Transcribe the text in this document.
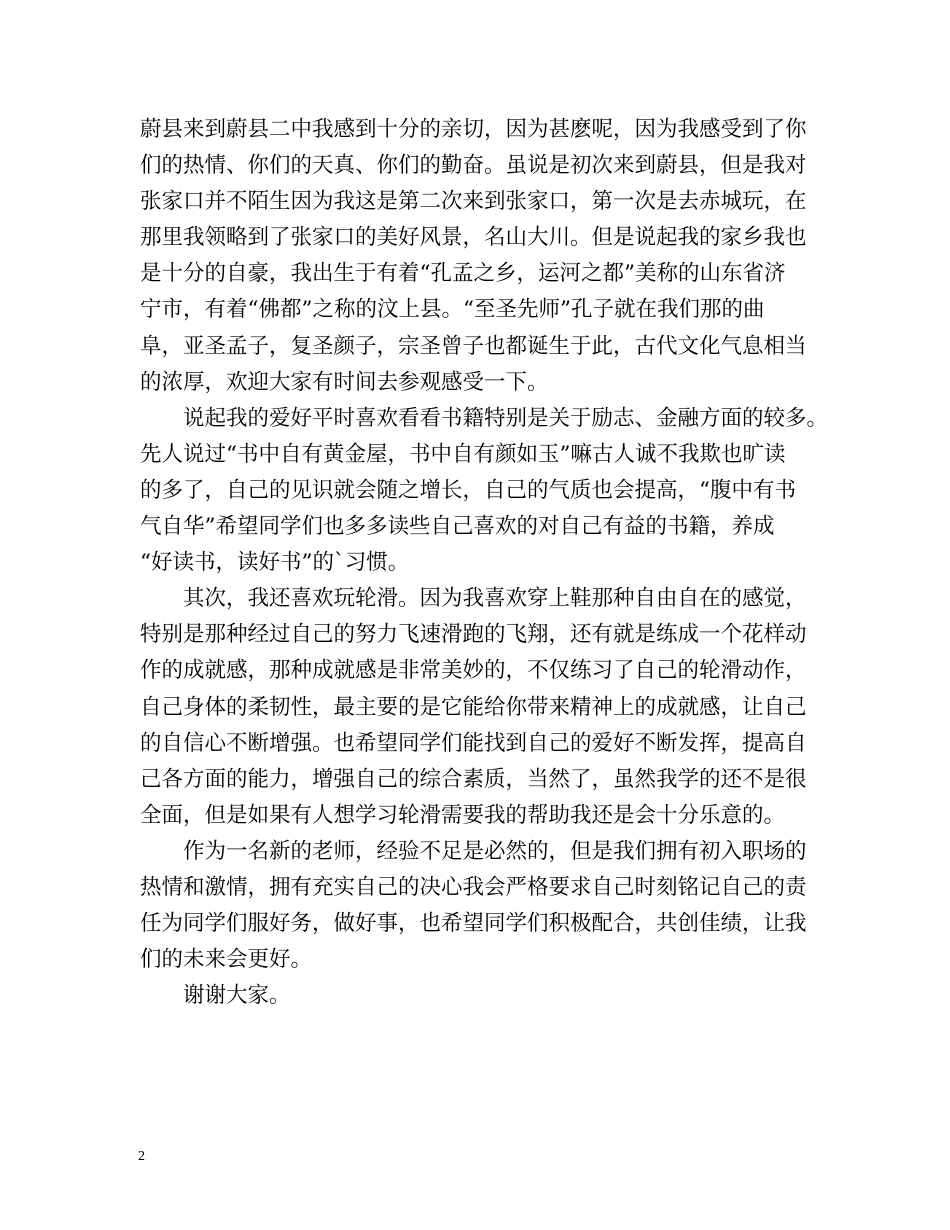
蔚县来到蔚县二中我感到十分的亲切，因为甚麽呢，因为我感受到了你
们的热情、你们的天真、你们的勤奋。虽说是初次来到蔚县，但是我对
张家口并不陌生因为我这是第二次来到张家口，第一次是去赤城玩，在
那里我领略到了张家口的美好风景，名山大川。但是说起我的家乡我也
是十分的自豪，我出生于有着“孔孟之乡，运河之都”美称的山东省济
宁市，有着“佛都”之称的汶上县。“至圣先师”孔子就在我们那的曲
阜，亚圣孟子，复圣颜子，宗圣曾子也都诞生于此，古代文化气息相当
的浓厚，欢迎大家有时间去参观感受一下。
说起我的爱好平时喜欢看看书籍特别是关于励志、金融方面的较多。
先人说过“书中自有黄金屋，书中自有颜如玉”嘛古人诚不我欺也旷读
的多了，自己的见识就会随之增长，自己的气质也会提高，“腹中有书
气自华”希望同学们也多多读些自己喜欢的对自己有益的书籍，养成
“好读书，读好书”的`习惯。
其次，我还喜欢玩轮滑。因为我喜欢穿上鞋那种自由自在的感觉，
特别是那种经过自己的努力飞速滑跑的飞翔，还有就是练成一个花样动
作的成就感，那种成就感是非常美妙的，不仅练习了自己的轮滑动作，
自己身体的柔韧性，最主要的是它能给你带来精神上的成就感，让自己
的自信心不断增强。也希望同学们能找到自己的爱好不断发挥，提高自
己各方面的能力，增强自己的综合素质，当然了，虽然我学的还不是很
全面，但是如果有人想学习轮滑需要我的帮助我还是会十分乐意的。
作为一名新的老师，经验不足是必然的，但是我们拥有初入职场的
热情和激情，拥有充实自己的决心我会严格要求自己时刻铭记自己的责
任为同学们服好务，做好事，也希望同学们积极配合，共创佳绩，让我
们的未来会更好。
谢谢大家。
2
